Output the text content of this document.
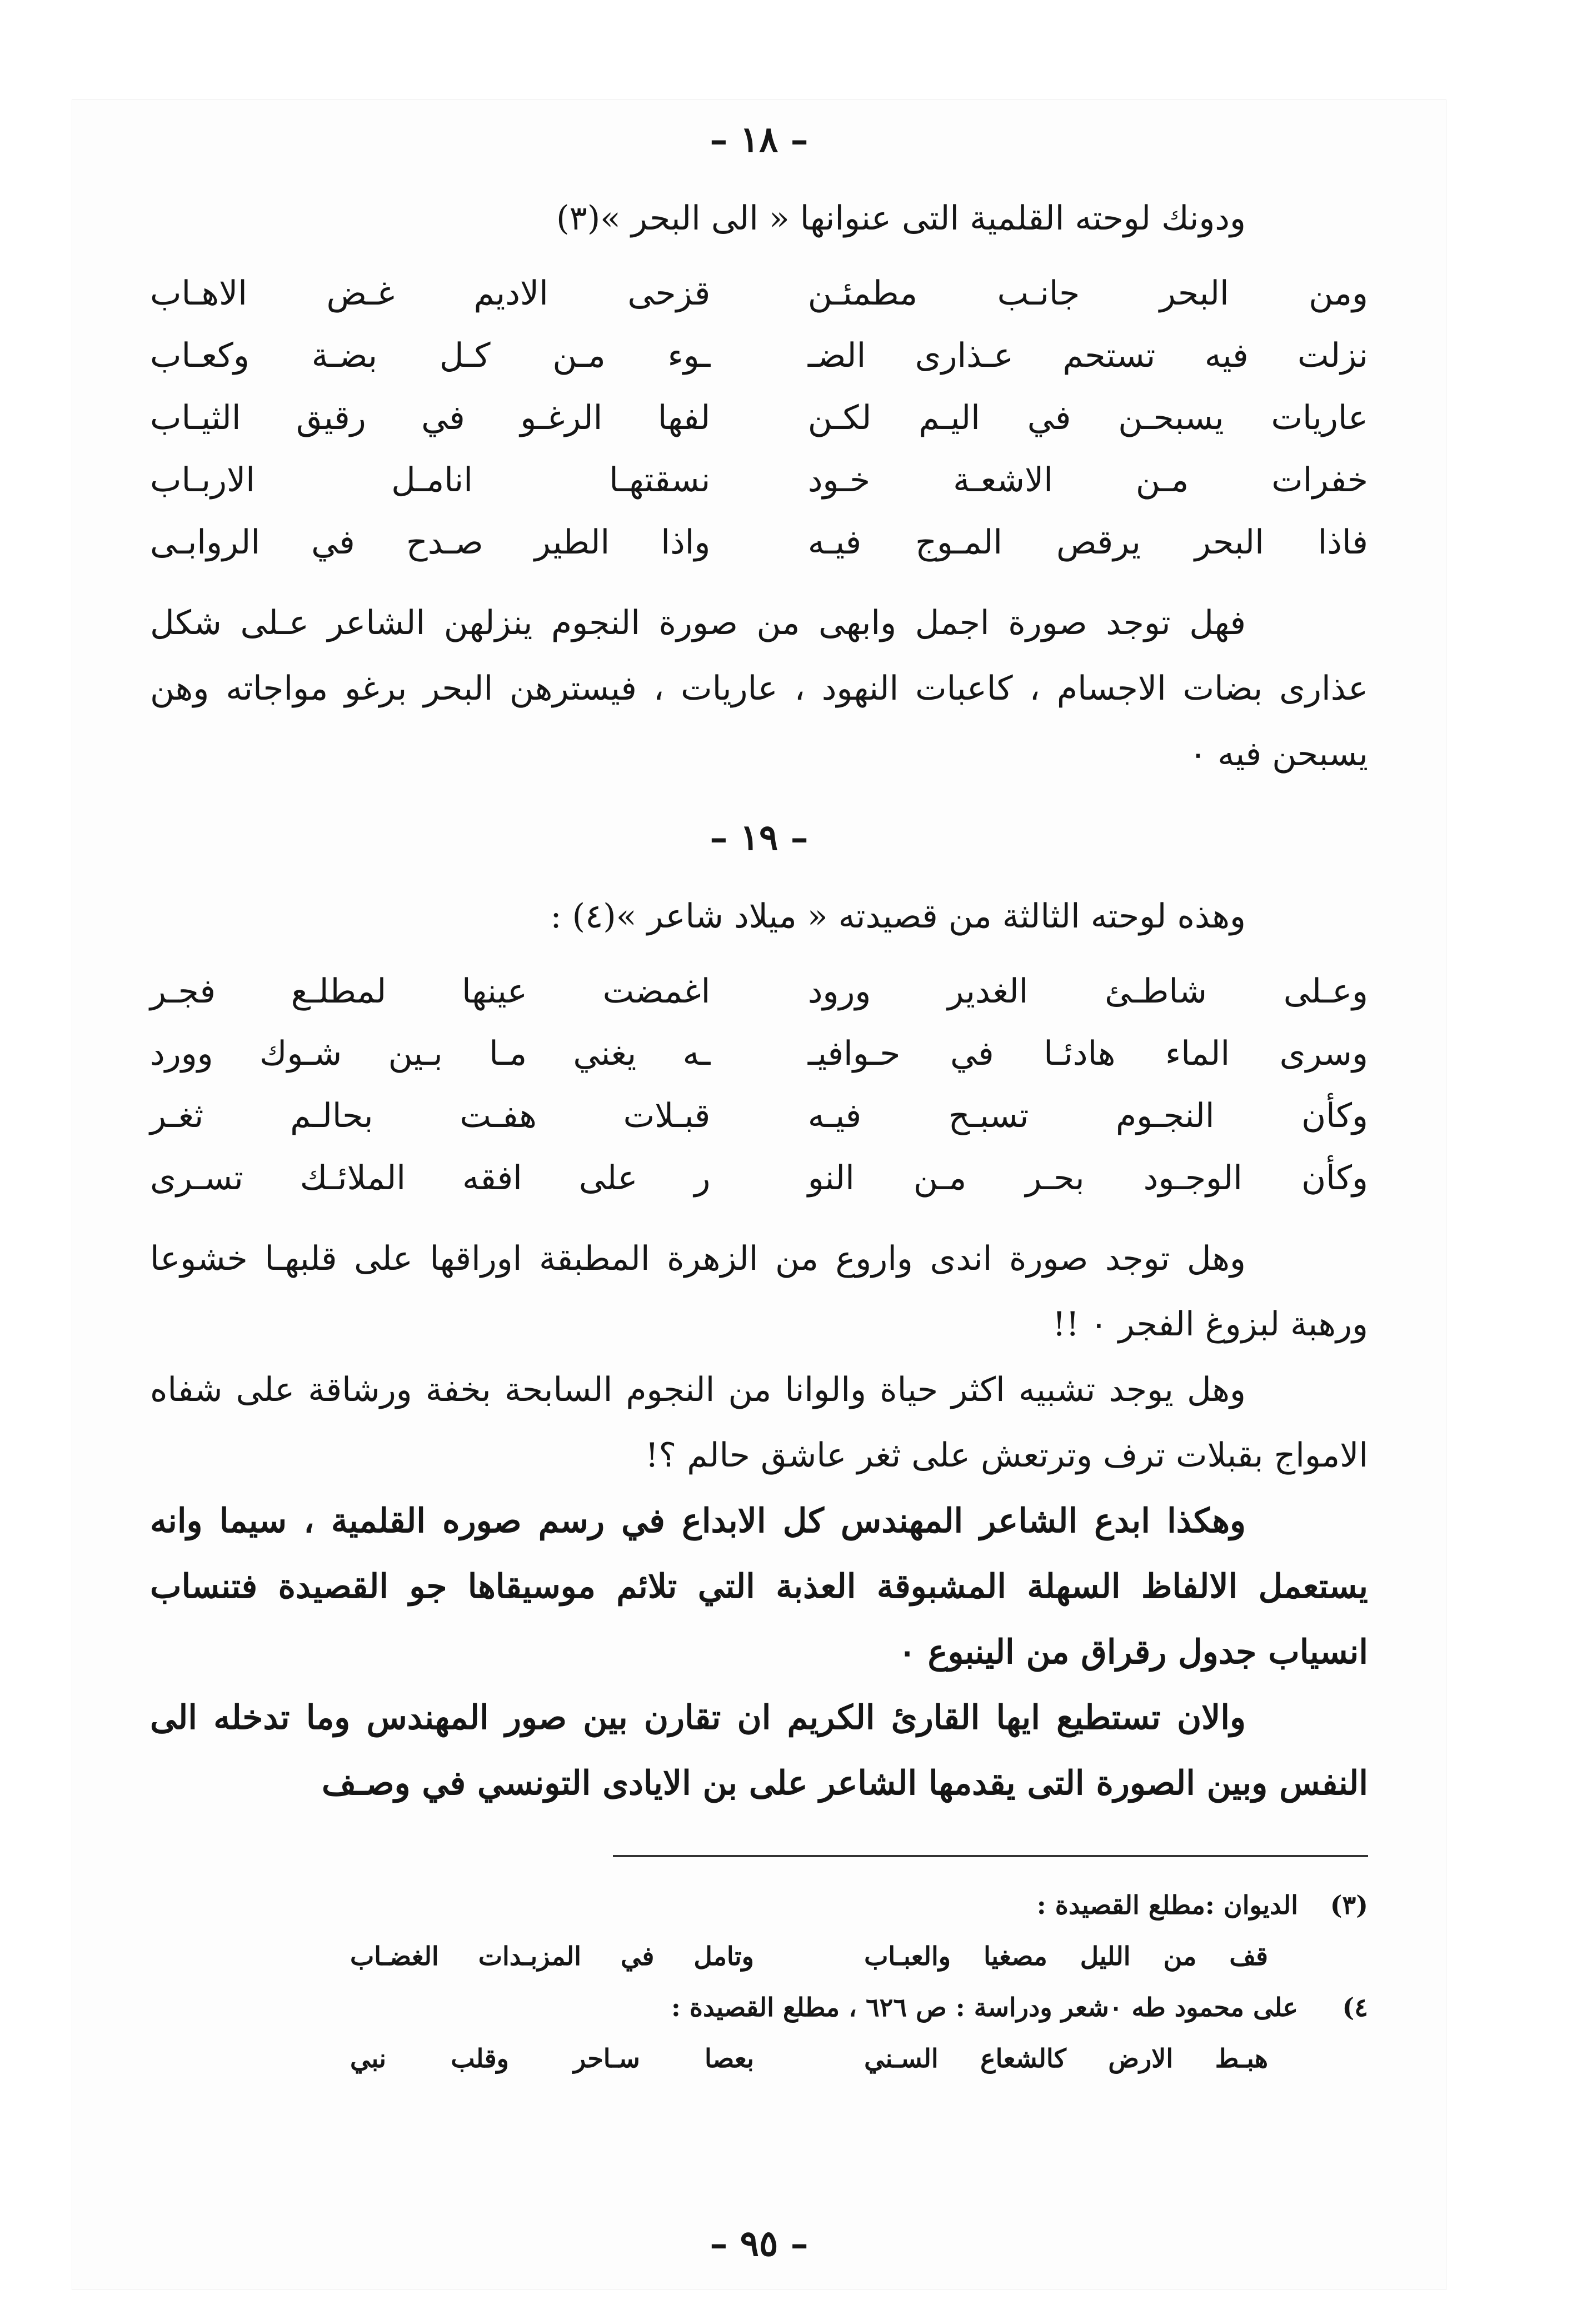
– ١٨ –

ودونك لوحته القلمية التى عنوانها « الى البحر »(٣)

ومن البحر جانـب مطمئـن
قزحى الاديم غـض الاهـاب
نزلت فيه تستحم عـذارى الضـ
ـوء مـن كـل بضـة وكعـاب
عاريات يسبحـن في اليـم لكـن
لفها الرغـو في رقيق الثيـاب
خفرات مـن الاشعـة خـود
نسقتهـا انامـل الاربـاب
فاذا البحر يرقص المـوج فيـه
واذا الطير صـدح في الروابـى

فهل توجد صورة اجمل وابهى من صورة النجوم ينزلهن الشاعر عـلى شكل عذارى بضات الاجسام ، كاعبات النهود ، عاريات ، فيسترهن البحر برغو مواجاته وهن يسبحن فيه ٠

– ١٩ –

وهذه لوحته الثالثة من قصيدته « ميلاد شاعر »(٤) :

وعـلى شاطـئ الغدير ورود
اغمضت عينها لمطلـع فجـر
وسرى الماء هادئـا في حـوافيـ
ـه يغني مـا بـين شـوك وورد
وكأن النجـوم تسبـح فيـه
قبـلات هفـت بحالـم ثغـر
وكأن الوجـود بحـر مـن النو
ر على افقه الملائـك تسـرى

وهل توجد صورة اندى واروع من الزهرة المطبقة اوراقها على قلبهـا خشوعا ورهبة لبزوغ الفجر ٠ !!

وهل يوجد تشبيه اكثر حياة والوانا من النجوم السابحة بخفة ورشاقة على شفاه الامواج بقبلات ترف وترتعش على ثغر عاشق حالم ؟!

وهكذا ابدع الشاعر المهندس كل الابداع في رسم صوره القلمية ، سيما وانه يستعمل الالفاظ السهلة المشبوقة العذبة التي تلائم موسيقاها جو القصيدة فتنساب انسياب جدول رقراق من الينبوع ٠

والان تستطيع ايها القارئ الكريم ان تقارن بين صور المهندس وما تدخله الى النفس وبين الصورة التى يقدمها الشاعر على بن الايادى التونسي في وصـف

(٣) الديوان :مطلع القصيدة :
قف من الليل مصغيا والعبـاب
وتامل في المزبـدات الغضـاب
٤) على محمود طه ٠شعر ودراسة : ص ٦٢٦ ، مطلع القصيدة :
هبـط الارض كالشعاع السـني
بعصا سـاحر وقلب نبي
– ٩٥ –
